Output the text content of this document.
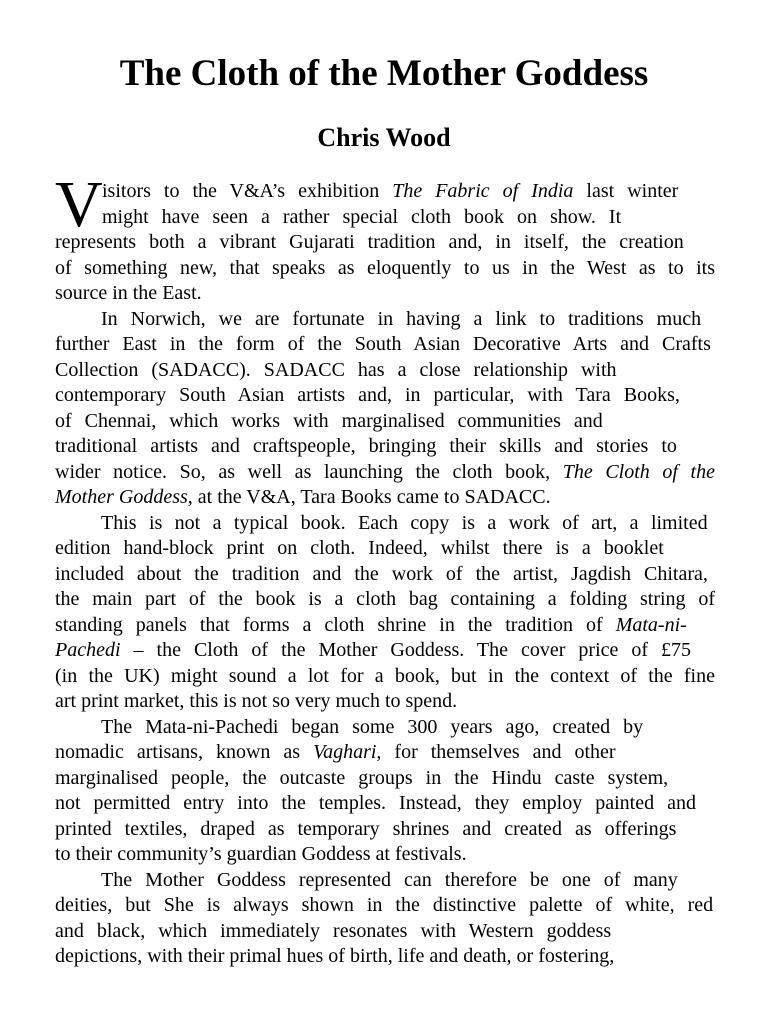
The Cloth of the Mother Goddess
Chris Wood
V isitors to the V&A’s exhibition The Fabric of India last winter
might have seen a rather special cloth book on show. It
represents both a vibrant Gujarati tradition and, in itself, the creation
of something new, that speaks as eloquently to us in the West as to its
source in the East.
In Norwich, we are fortunate in having a link to traditions much
further East in the form of the South Asian Decorative Arts and Crafts
Collection (SADACC). SADACC has a close relationship with
contemporary South Asian artists and, in particular, with Tara Books,
of Chennai, which works with marginalised communities and
traditional artists and craftspeople, bringing their skills and stories to
wider notice. So, as well as launching the cloth book, The Cloth of the
Mother Goddess, at the V&A, Tara Books came to SADACC.
This is not a typical book. Each copy is a work of art, a limited
edition hand-block print on cloth. Indeed, whilst there is a booklet
included about the tradition and the work of the artist, Jagdish Chitara,
the main part of the book is a cloth bag containing a folding string of
standing panels that forms a cloth shrine in the tradition of Mata-ni-
Pachedi – the Cloth of the Mother Goddess. The cover price of £75
(in the UK) might sound a lot for a book, but in the context of the fine
art print market, this is not so very much to spend.
The Mata-ni-Pachedi began some 300 years ago, created by
nomadic artisans, known as Vaghari, for themselves and other
marginalised people, the outcaste groups in the Hindu caste system,
not permitted entry into the temples. Instead, they employ painted and
printed textiles, draped as temporary shrines and created as offerings
to their community’s guardian Goddess at festivals.
The Mother Goddess represented can therefore be one of many
deities, but She is always shown in the distinctive palette of white, red
and black, which immediately resonates with Western goddess
depictions, with their primal hues of birth, life and death, or fostering,
